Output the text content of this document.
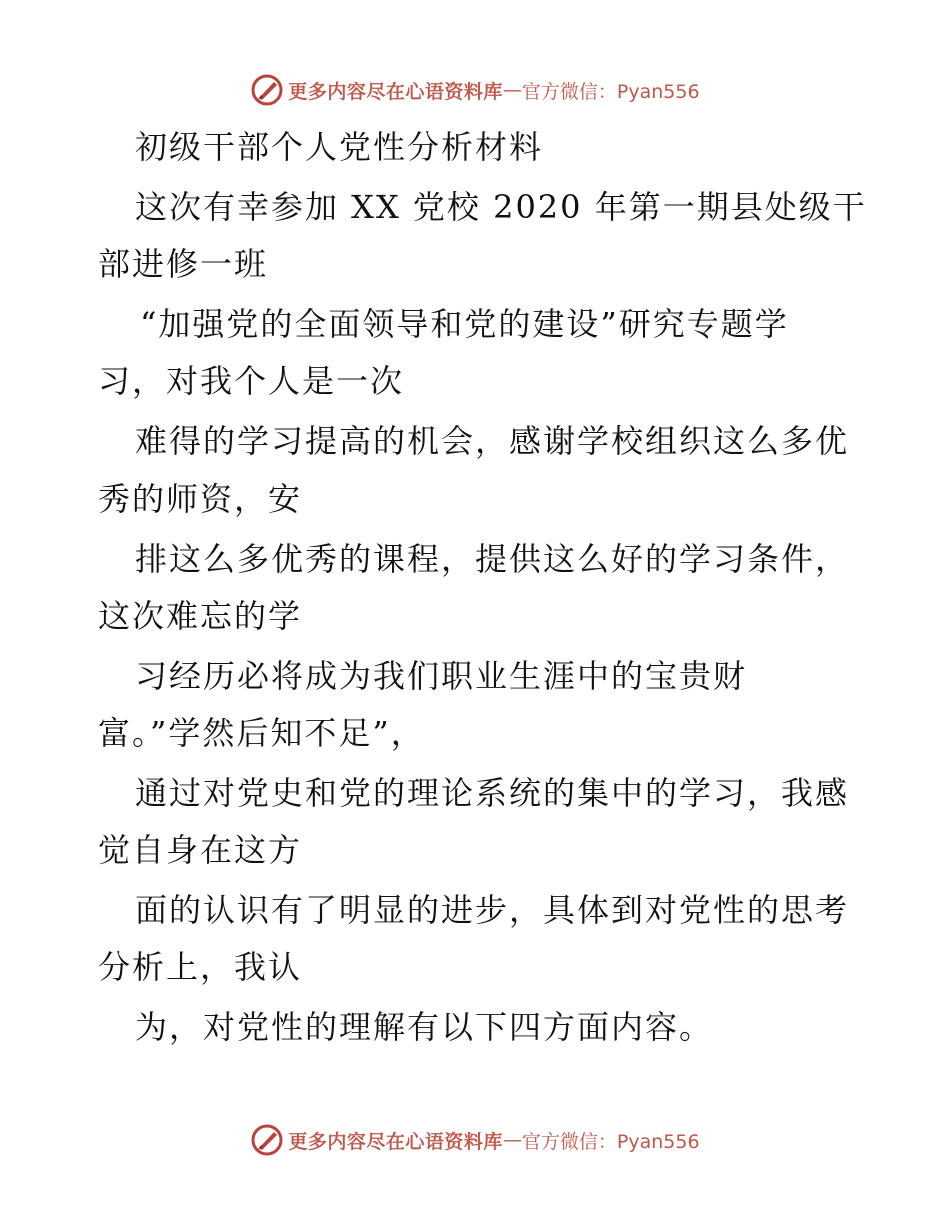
更多内容尽在心语资料库 — 官方微信：Pyan556
初级干部个人党性分析材料
这次有幸参加 XX 党校 2020 年第一期县处级干
部进修一班
“加强党的全面领导和党的建设”研究专题学
习，对我个人是一次
难得的学习提高的机会，感谢学校组织这么多优
秀的师资，安
排这么多优秀的课程，提供这么好的学习条件，
这次难忘的学
习经历必将成为我们职业生涯中的宝贵财
富。”学然后知不足”，
通过对党史和党的理论系统的集中的学习，我感
觉自身在这方
面的认识有了明显的进步，具体到对党性的思考
分析上，我认
为，对党性的理解有以下四方面内容。
更多内容尽在心语资料库 — 官方微信：Pyan556
